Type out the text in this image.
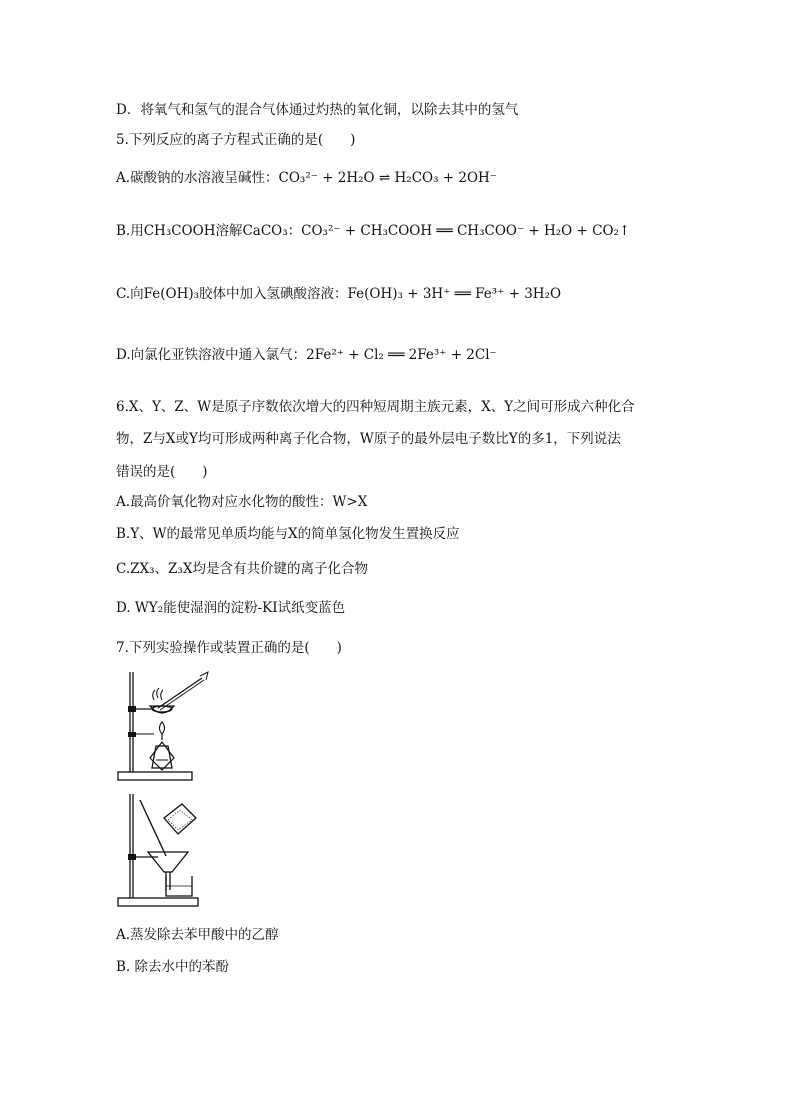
D．将氧气和氢气的混合气体通过灼热的氧化铜，以除去其中的氢气
5.下列反应的离子方程式正确的是(　　)
A.碳酸钠的水溶液呈碱性：CO₃²⁻ + 2H₂O ⇌ H₂CO₃ + 2OH⁻
B.用CH₃COOH溶解CaCO₃：CO₃²⁻ + CH₃COOH ══ CH₃COO⁻ + H₂O + CO₂↑
C.向Fe(OH)₃胶体中加入氢碘酸溶液：Fe(OH)₃ + 3H⁺ ══ Fe³⁺ + 3H₂O
D.向氯化亚铁溶液中通入氯气：2Fe²⁺ + Cl₂ ══ 2Fe³⁺ + 2Cl⁻
6.X、Y、Z、W是原子序数依次增大的四种短周期主族元素，X、Y之间可形成六种化合
物，Z与X或Y均可形成两种离子化合物，W原子的最外层电子数比Y的多1，下列说法
错误的是(　　)
A.最高价氧化物对应水化物的酸性：W>X
B.Y、W的最常见单质均能与X的简单氢化物发生置换反应
C.ZX₃、Z₃X均是含有共价键的离子化合物
D. WY₂能使湿润的淀粉-KI试纸变蓝色
7.下列实验操作或装置正确的是(　　)
A.蒸发除去苯甲酸中的乙醇
B. 除去水中的苯酚
